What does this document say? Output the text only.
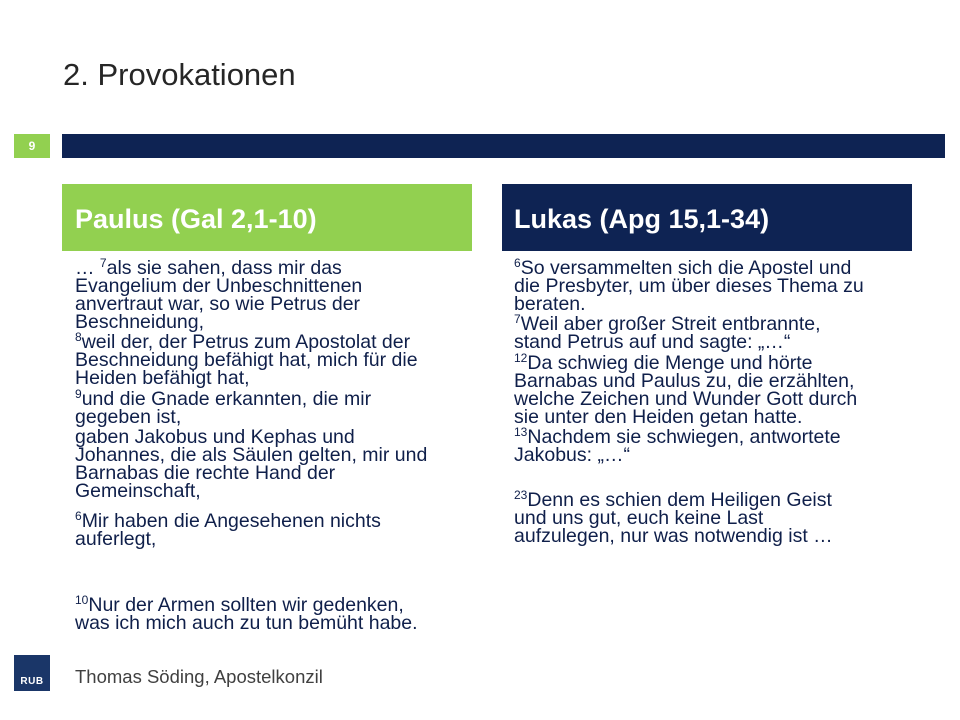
2. Provokationen
9
Paulus (Gal 2,1-10)	Lukas (Apg 15,1-34)
… $^7$als sie sahen, dass mir das
Evangelium der Unbeschnittenen
anvertraut war, so wie Petrus der
Beschneidung,
$^8$weil der, der Petrus zum Apostolat der
Beschneidung befähigt hat, mich für die
Heiden befähigt hat,
$^9$und die Gnade erkannten, die mir
gegeben ist,
gaben Jakobus und Kephas und
Johannes, die als Säulen gelten, mir und
Barnabas die rechte Hand der
Gemeinschaft,
$^6$Mir haben die Angesehenen nichts
auferlegt,
$^{10}$Nur der Armen sollten wir gedenken,
was ich mich auch zu tun bemüht habe.
$^6$So versammelten sich die Apostel und
die Presbyter, um über dieses Thema zu
beraten.
$^7$Weil aber großer Streit entbrannte,
stand Petrus auf und sagte: „…“
$^{12}$Da schwieg die Menge und hörte
Barnabas und Paulus zu, die erzählten,
welche Zeichen und Wunder Gott durch
sie unter den Heiden getan hatte.
$^{13}$Nachdem sie schwiegen, antwortete
Jakobus: „…“
$^{23}$Denn es schien dem Heiligen Geist
und uns gut, euch keine Last
aufzulegen, nur was notwendig ist …
RUB Thomas Söding, Apostelkonzil
